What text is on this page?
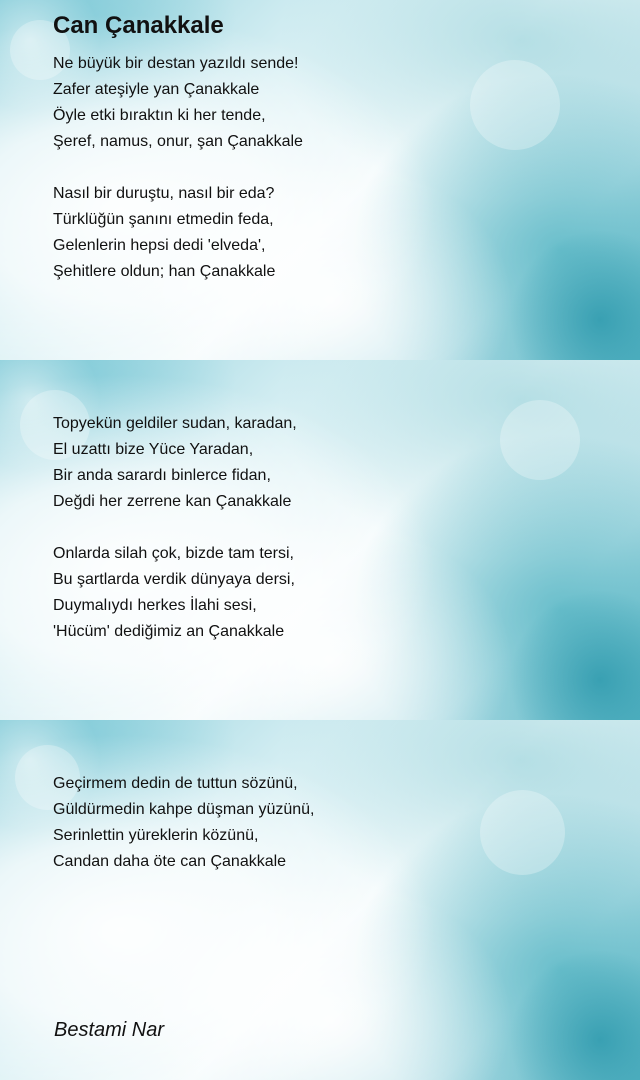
Can Çanakkale
Ne büyük bir destan yazıldı sende!
Zafer ateşiyle yan Çanakkale
Öyle etki bıraktın ki her tende,
Şeref, namus, onur, şan Çanakkale
Nasıl bir duruştu, nasıl bir eda?
Türklüğün şanını etmedin feda,
Gelenlerin hepsi dedi 'elveda',
Şehitlere oldun; han Çanakkale
Topyekün geldiler sudan, karadan,
El uzattı bize Yüce Yaradan,
Bir anda sarardı binlerce fidan,
Değdi her zerrene kan Çanakkale
Onlarda silah çok, bizde tam tersi,
Bu şartlarda verdik dünyaya dersi,
Duymalıydı herkes İlahi sesi,
'Hücüm' dediğimiz an Çanakkale
Geçirmem dedin de tuttun sözünü,
Güldürmedin kahpe düşman yüzünü,
Serinlettin yüreklerin közünü,
Candan daha öte can Çanakkale
Bestami Nar
